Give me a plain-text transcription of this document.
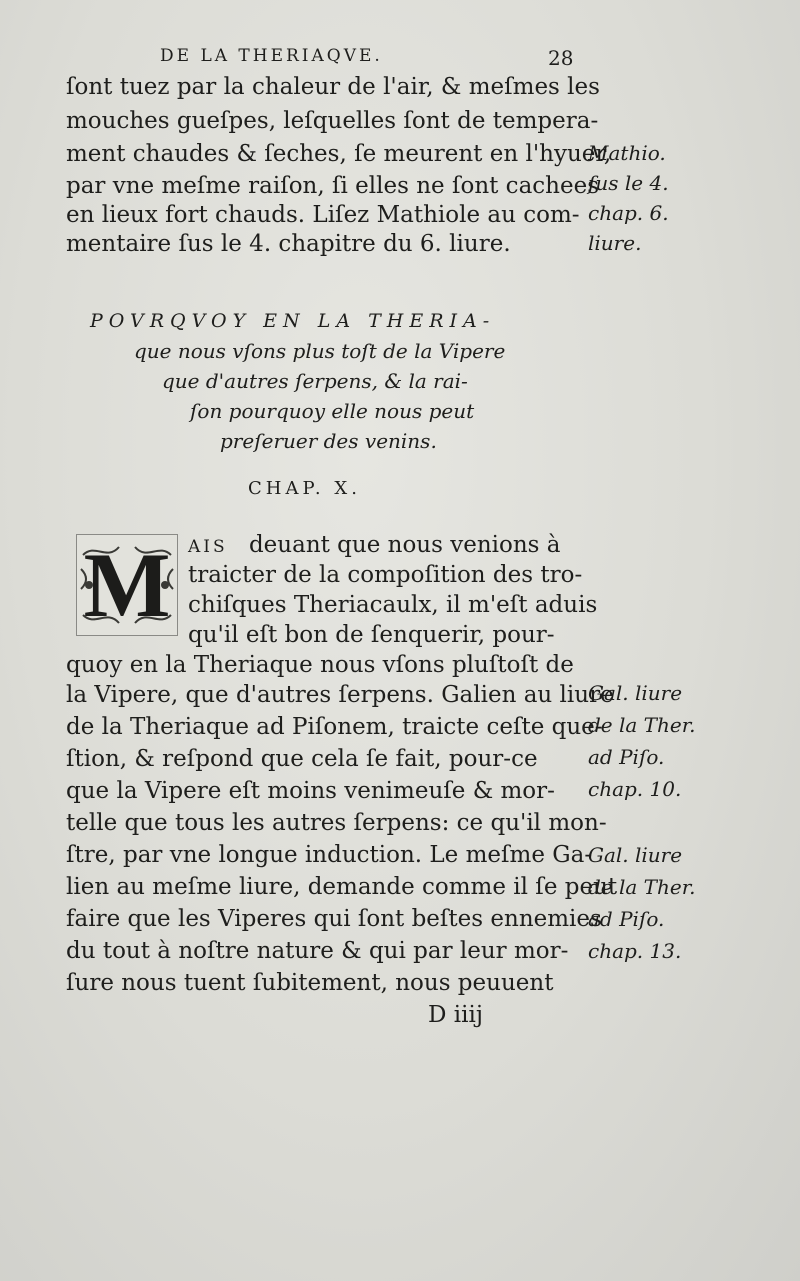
DE LA THERIAQVE.	28
ſont tuez par la chaleur de l'air, & meſmes les
mouches gueſpes, leſquelles ſont de tempera-
ment chaudes & ſeches, ſe meurent en l'hyuer,
par vne meſme raiſon, ſi elles ne ſont cachees
en lieux fort chauds. Liſez Mathiole au com-
mentaire ſus le 4. chapitre du 6. liure.
Mathio.
ſus le 4.
chap. 6.
liure.
POVRQVOY EN LA THERIA-
que nous vſons plus toſt de la Vipere
que d'autres ſerpens, & la rai-
ſon pourquoy elle nous peut
preſeruer des venins.
CHAP. X.
M	AIS deuant que nous venions à
traicter de la compoſition des tro-
chiſques Theriacaulx, il m'eſt aduis
qu'il eſt bon de ſenquerir, pour-
quoy en la Theriaque nous vſons pluſtoſt de
la Vipere, que d'autres ſerpens. Galien au liure
de la Theriaque ad Piſonem, traicte ceſte que-
ſtion, & reſpond que cela ſe fait, pour-ce
que la Vipere eſt moins venimeuſe & mor-
telle que tous les autres ſerpens: ce qu'il mon-
ſtre, par vne longue induction. Le meſme Ga-
lien au meſme liure, demande comme il ſe peut
faire que les Viperes qui ſont beſtes ennemies
du tout à noſtre nature & qui par leur mor-
ſure nous tuent ſubitement, nous peuuent
Gal. liure
de la Ther.
ad Piſo.
chap. 10.
Gal. liure
de la Ther.
ad Piſo.
chap. 13.
D iiij
